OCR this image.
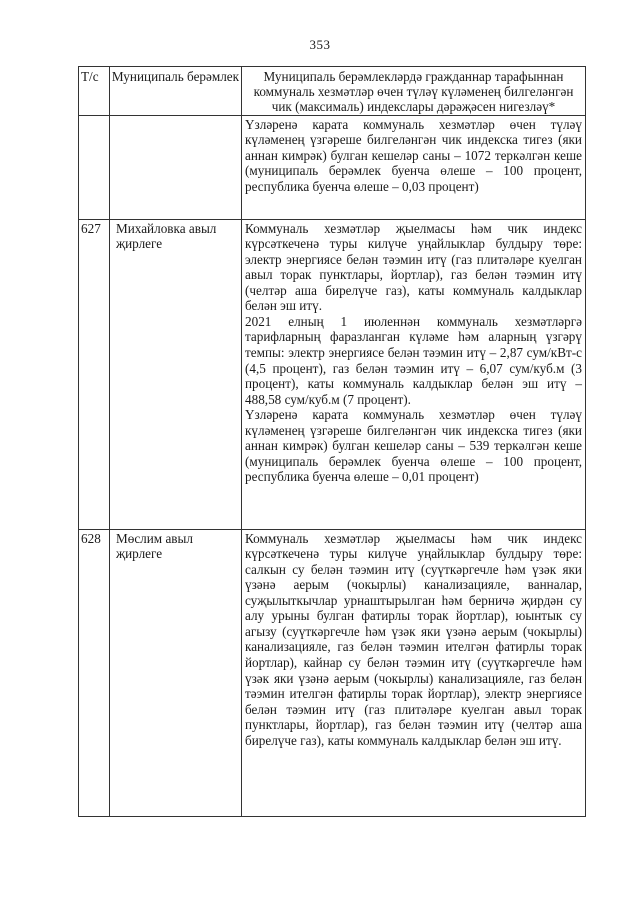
353
Т/с	Муниципаль берәмлек	Муниципаль берәмлекләрдә гражданнар тарафыннан коммуналь хезмәтләр өчен түләү күләменең билгеләнгән чик (максималь) индекслары дәрәҗәсен нигезләү*

		Үзләренә карата коммуналь хезмәтләр өчен түләү күләменең үзгәреше билгеләнгән чик индекска тигез (яки аннан кимрәк) булган кешеләр саны – 1072 теркәлгән кеше (муниципаль берәмлек буенча өлеше – 100 процент, республика буенча өлеше – 0,03 процент)

627	Михайловка авыл җирлеге	Коммуналь хезмәтләр җыелмасы һәм чик индекс күрсәткеченә туры килүче уңайлыклар булдыру төре: электр энергиясе белән тәэмин итү (газ плитәләре куелган авыл торак пунктлары, йортлар), газ белән тәэмин итү (челтәр аша бирелүче газ), каты коммуналь калдыклар белән эш итү.

2021 елның 1 июленнән коммуналь хезмәтләргә тарифларның фаразланган күләме һәм аларның үзгәрү темпы: электр энергиясе белән тәэмин итү – 2,87 сум/кВт-с (4,5 процент), газ белән тәэмин итү – 6,07 сум/куб.м (3 процент), каты коммуналь калдыклар белән эш итү – 488,58 сум/куб.м (7 процент).

Үзләренә карата коммуналь хезмәтләр өчен түләү күләменең үзгәреше билгеләнгән чик индекска тигез (яки аннан кимрәк) булган кешеләр саны – 539 теркәлгән кеше (муниципаль берәмлек буенча өлеше – 100 процент, республика буенча өлеше – 0,01 процент)

628	Мөслим авыл җирлеге	Коммуналь хезмәтләр җыелмасы һәм чик индекс күрсәткеченә туры килүче уңайлыклар булдыру төре: салкын су белән тәэмин итү (суүткәргечле һәм үзәк яки үзәнә аерым (чокырлы) канализацияле, ванналар, суҗылыткычлар урнаштырылган һәм берничә җирдән су алу урыны булган фатирлы торак йортлар), юынтык су агызу (суүткәргечле һәм үзәк яки үзәнә аерым (чокырлы) канализацияле, газ белән тәэмин ителгән фатирлы торак йортлар), кайнар су белән тәэмин итү (суүткәргечле һәм үзәк яки үзәнә аерым (чокырлы) канализацияле, газ белән тәэмин ителгән фатирлы торак йортлар), электр энергиясе белән тәэмин итү (газ плитәләре куелган авыл торак пунктлары, йортлар), газ белән тәэмин итү (челтәр аша бирелүче газ), каты коммуналь калдыклар белән эш итү.
